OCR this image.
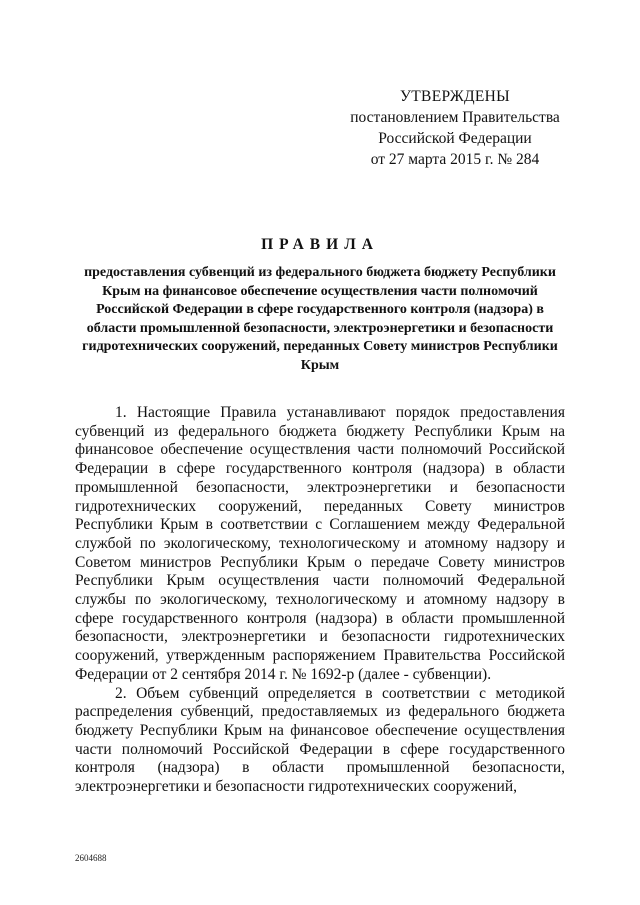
УТВЕРЖДЕНЫ
постановлением Правительства
Российской Федерации
от 27 марта 2015 г. № 284
ПРАВИЛА
предоставления субвенций из федерального бюджета бюджету Республики Крым на финансовое обеспечение осуществления части полномочий Российской Федерации в сфере государственного контроля (надзора) в области промышленной безопасности, электроэнергетики и безопасности гидротехнических сооружений, переданных Совету министров Республики Крым

1. Настоящие Правила устанавливают порядок предоставления субвенций из федерального бюджета бюджету Республики Крым на финансовое обеспечение осуществления части полномочий Российской Федерации в сфере государственного контроля (надзора) в области промышленной безопасности, электроэнергетики и безопасности гидротехнических сооружений, переданных Совету министров Республики Крым в соответствии с Соглашением между Федеральной службой по экологическому, технологическому и атомному надзору и Советом министров Республики Крым о передаче Совету министров Республики Крым осуществления части полномочий Федеральной службы по экологическому, технологическому и атомному надзору в сфере государственного контроля (надзора) в области промышленной безопасности, электроэнергетики и безопасности гидротехнических сооружений, утвержденным распоряжением Правительства Российской Федерации от 2 сентября 2014 г. № 1692-р (далее - субвенции).

2. Объем субвенций определяется в соответствии с методикой распределения субвенций, предоставляемых из федерального бюджета бюджету Республики Крым на финансовое обеспечение осуществления части полномочий Российской Федерации в сфере государственного контроля (надзора) в области промышленной безопасности, электроэнергетики и безопасности гидротехнических сооружений,

2604688
